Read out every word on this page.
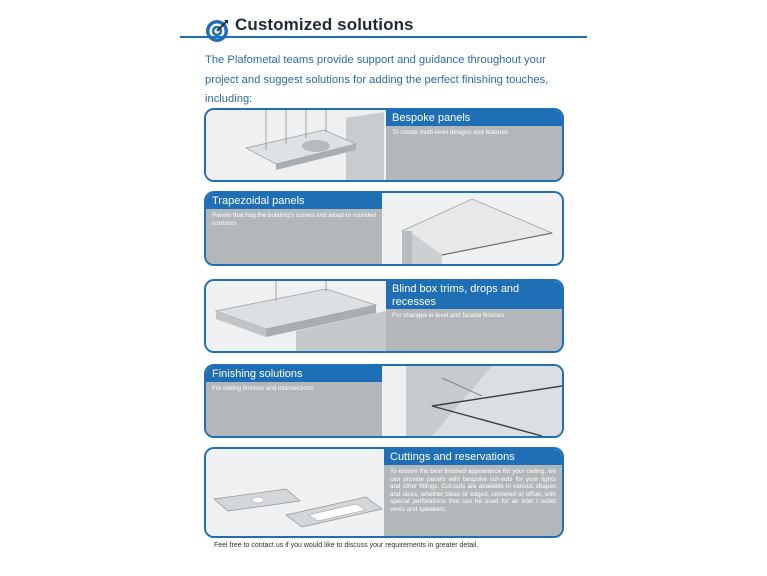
Customized solutions
The Plafometal teams provide support and guidance throughout your project and suggest solutions for adding the perfect finishing touches, including:
Bespoke panels
To create multi-level designs and features
Trapezoidal panels
Panels that hug the building's curves and adapt to rounded corridors
Blind box trims, drops and recesses
For changes in level and facade finishes
Finishing solutions
For ceiling finishes and intersections
Cuttings and reservations
To ensure the best finished appearance for your ceiling, we can provide panels with bespoke cut-outs for your lights and other fittings. Cut-outs are available in various shapes and sizes, whether clean or edged, centered or offset, with special perforations that can be used for air inlet / outlet vents and speakers.
Feel free to contact us if you would like to discuss your requirements in greater detail.
